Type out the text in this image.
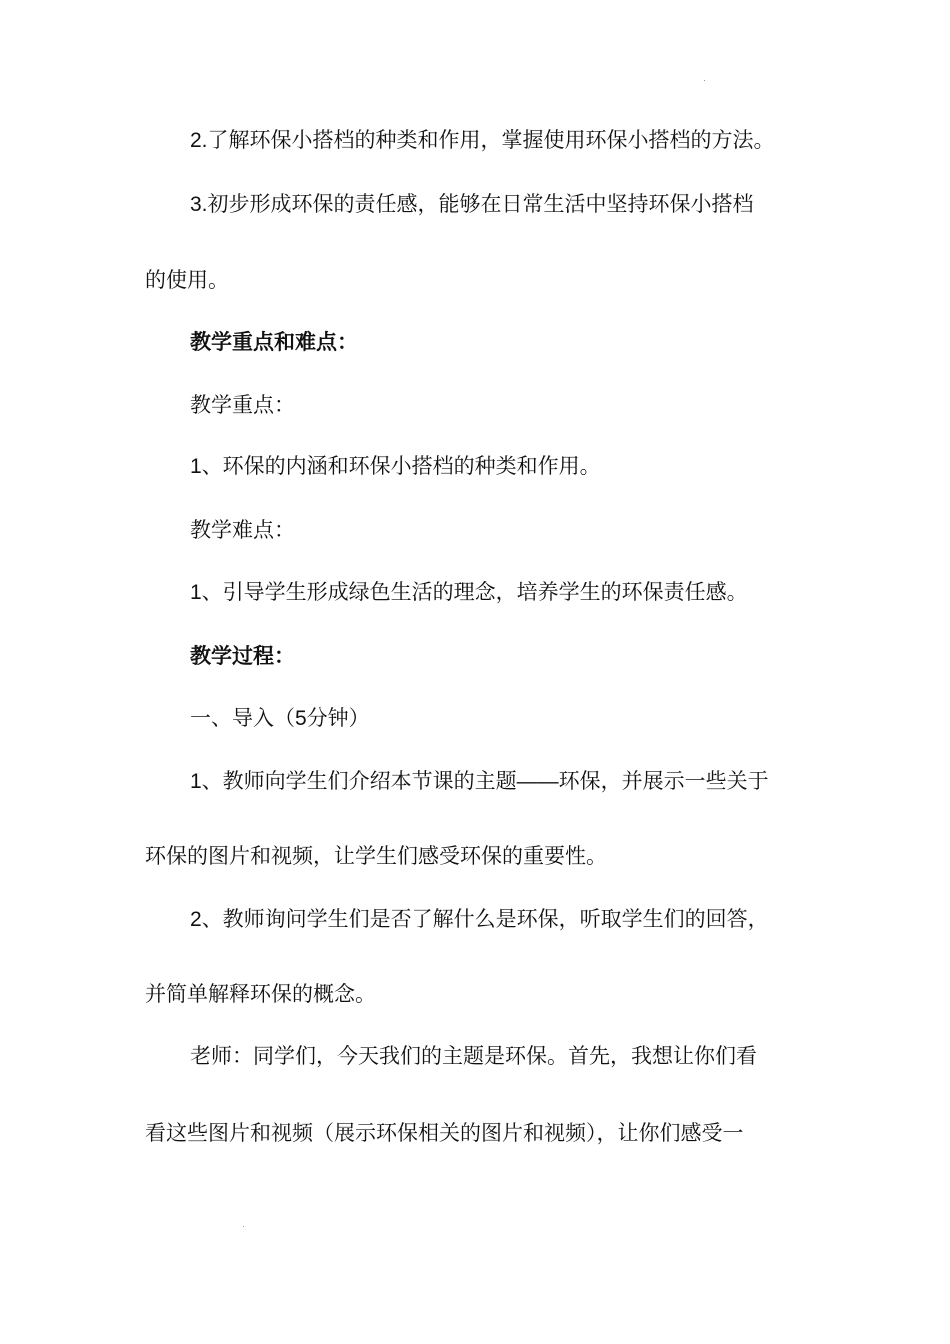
2.了解环保小搭档的种类和作用，掌握使用环保小搭档的方法。
3.初步形成环保的责任感，能够在日常生活中坚持环保小搭档
的使用。
教学重点和难点：
教学重点：
1、环保的内涵和环保小搭档的种类和作用。
教学难点：
1、引导学生形成绿色生活的理念，培养学生的环保责任感。
教学过程：
一、导入（5分钟）
1、教师向学生们介绍本节课的主题——环保，并展示一些关于
环保的图片和视频，让学生们感受环保的重要性。
2、教师询问学生们是否了解什么是环保，听取学生们的回答，
并简单解释环保的概念。
老师：同学们，今天我们的主题是环保。首先，我想让你们看
看这些图片和视频（展示环保相关的图片和视频），让你们感受一
